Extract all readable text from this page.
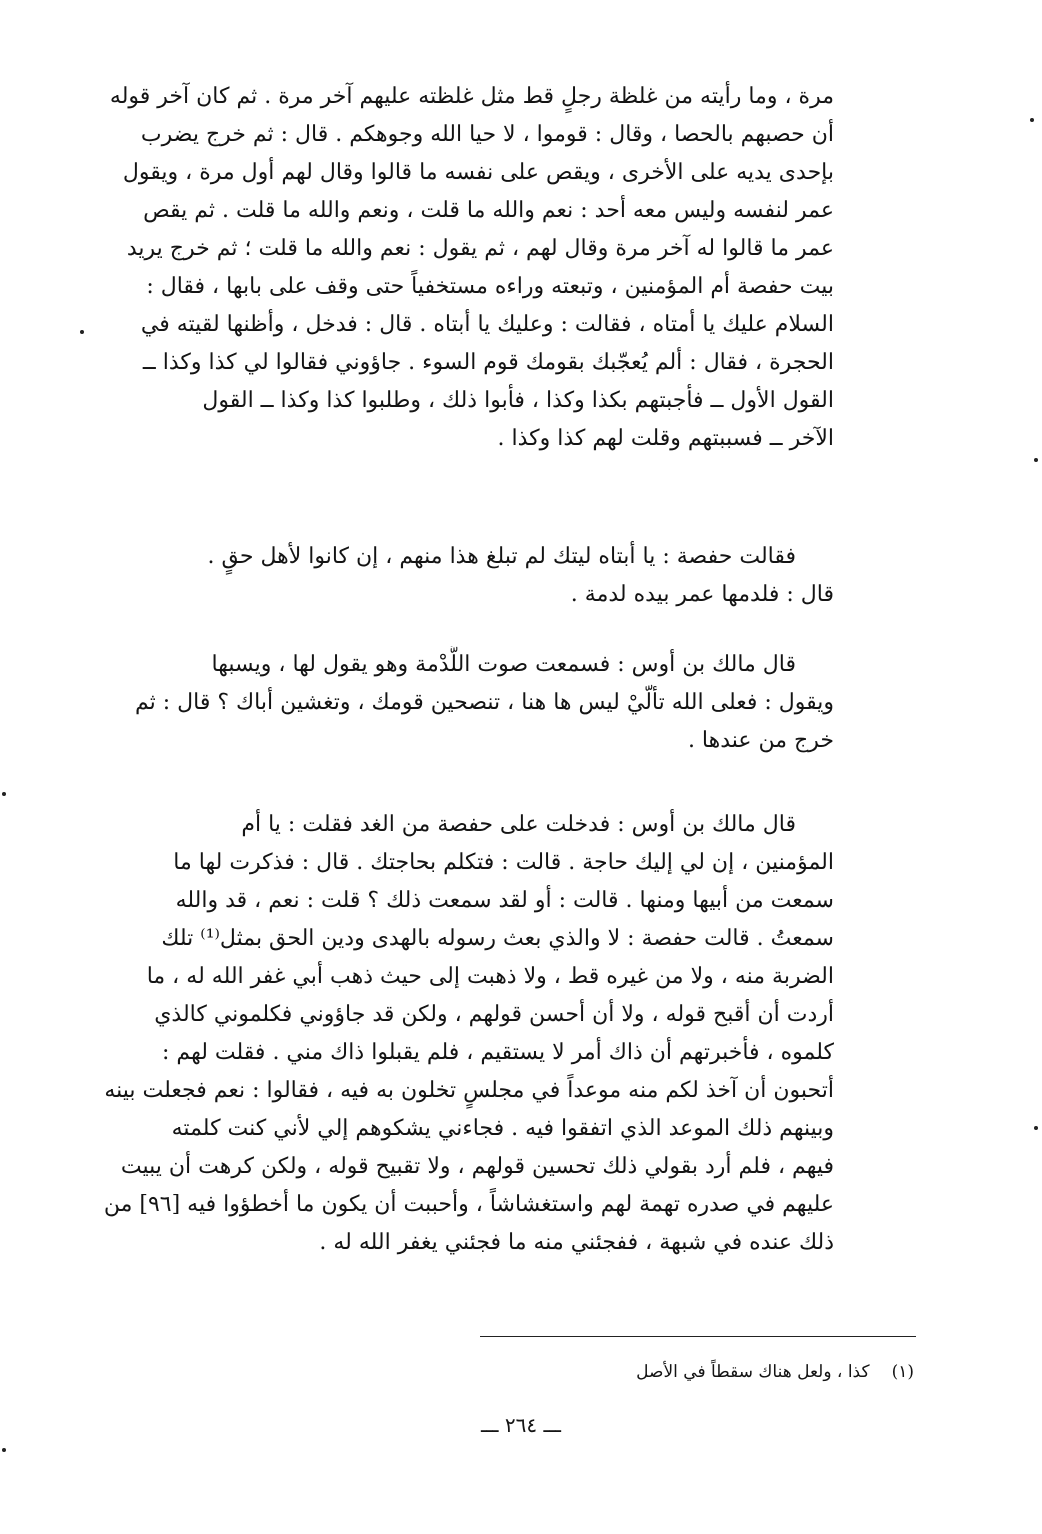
مرة ، وما رأيته من غلظة رجلٍ قط مثل غلظته عليهم آخر مرة . ثم كان آخر قوله
أن حصبهم بالحصا ، وقال : قوموا ، لا حيا الله وجوهكم . قال : ثم خرج يضرب
بإحدى يديه على الأخرى ، ويقص على نفسه ما قالوا وقال لهم أول مرة ، ويقول
عمر لنفسه وليس معه أحد : نعم والله ما قلت ، ونعم والله ما قلت . ثم يقص
عمر ما قالوا له آخر مرة وقال لهم ، ثم يقول : نعم والله ما قلت ؛ ثم خرج يريد
بيت حفصة أم المؤمنين ، وتبعته وراءه مستخفياً حتى وقف على بابها ، فقال :
السلام عليك يا أمتاه ، فقالت : وعليك يا أبتاه . قال : فدخل ، وأظنها لقيته في
الحجرة ، فقال : ألم يُعجّبك بقومك قوم السوء . جاؤوني فقالوا لي كذا وكذا ــ
القول الأول ــ فأجبتهم بكذا وكذا ، فأبوا ذلك ، وطلبوا كذا وكذا ــ القول
الآخر ــ فسببتهم وقلت لهم كذا وكذا .
فقالت حفصة : يا أبتاه ليتك لم تبلغ هذا منهم ، إن كانوا لأهل حقٍ .
قال : فلدمها عمر بيده لدمة .
قال مالك بن أوس : فسمعت صوت اللَّدْمة وهو يقول لها ، ويسبها
ويقول : فعلى الله تألّيْ ليس ها هنا ، تنصحين قومك ، وتغشين أباك ؟ قال : ثم
خرج من عندها .
قال مالك بن أوس : فدخلت على حفصة من الغد فقلت : يا أم
المؤمنين ، إن لي إليك حاجة . قالت : فتكلم بحاجتك . قال : فذكرت لها ما
سمعت من أبيها ومنها . قالت : أو لقد سمعت ذلك ؟ قلت : نعم ، قد والله
سمعتُ . قالت حفصة : لا والذي بعث رسوله بالهدى ودين الحق بمثل⁽¹⁾ تلك
الضربة منه ، ولا من غيره قط ، ولا ذهبت إلى حيث ذهب أبي غفر الله له ، ما
أردت أن أقبح قوله ، ولا أن أحسن قولهم ، ولكن قد جاؤوني فكلموني كالذي
كلموه ، فأخبرتهم أن ذاك أمر لا يستقيم ، فلم يقبلوا ذاك مني . فقلت لهم :
أتحبون أن آخذ لكم منه موعداً في مجلسٍ تخلون به فيه ، فقالوا : نعم فجعلت بينه
وبينهم ذلك الموعد الذي اتفقوا فيه . فجاءني يشكوهم إلي لأني كنت كلمته
فيهم ، فلم أرد بقولي ذلك تحسين قولهم ، ولا تقبيح قوله ، ولكن كرهت أن يبيت
عليهم في صدره تهمة لهم واستغشاشاً ، وأحببت أن يكون ما أخطؤوا فيه [٩٦] من
ذلك عنده في شبهة ، ففجئني منه ما فجئني يغفر الله له .
(١)كذا ، ولعل هناك سقطاً في الأصل
ـــ ٢٦٤ ـــ
